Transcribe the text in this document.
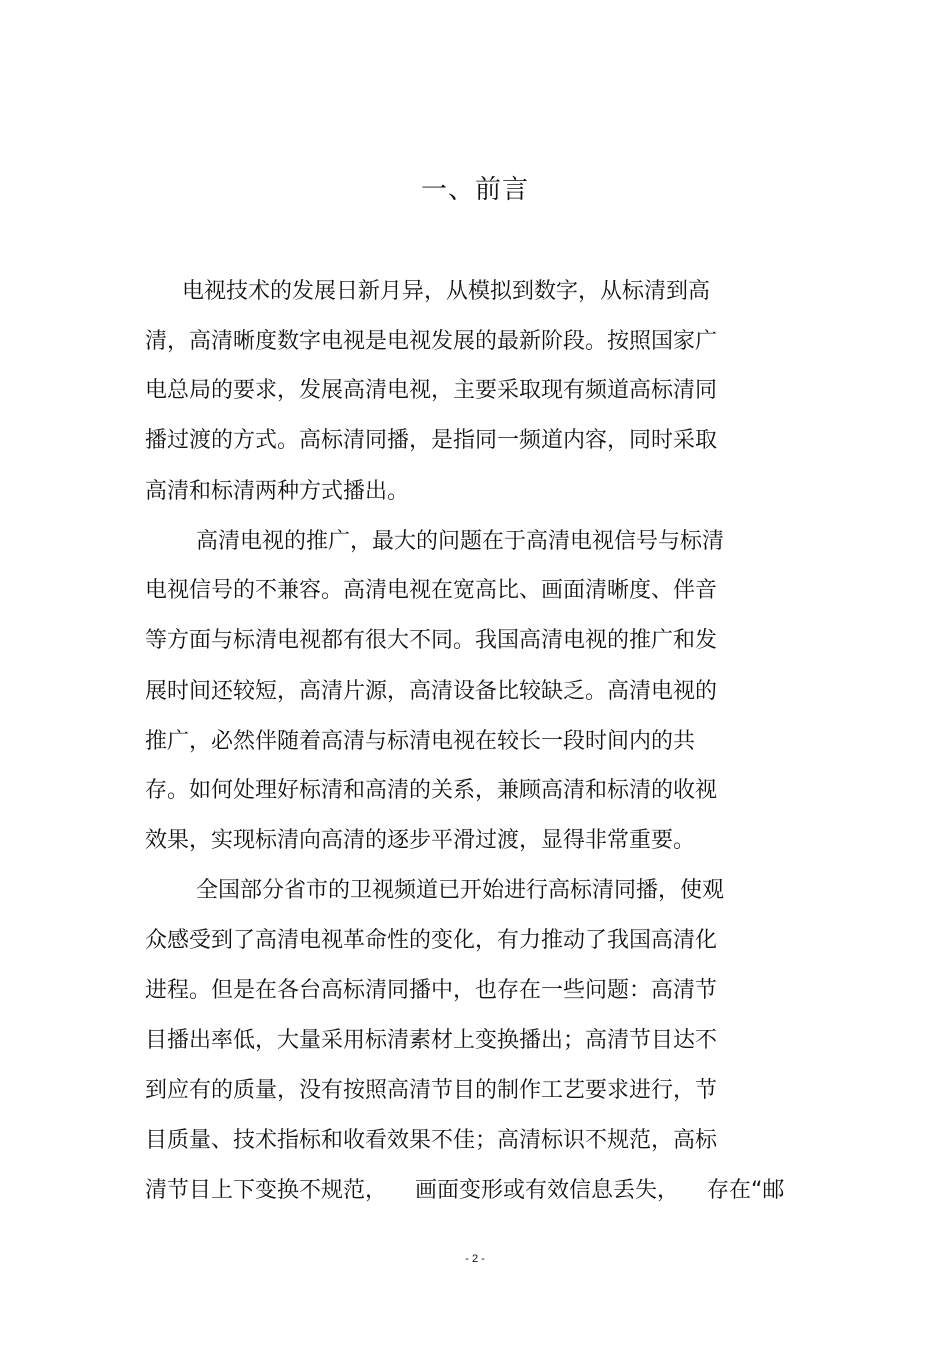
一、前言
电视技术的发展日新月异，从模拟到数字，从标清到高
清，高清晰度数字电视是电视发展的最新阶段。按照国家广
电总局的要求，发展高清电视，主要采取现有频道高标清同
播过渡的方式。高标清同播，是指同一频道内容，同时采取
高清和标清两种方式播出。
高清电视的推广，最大的问题在于高清电视信号与标清
电视信号的不兼容。高清电视在宽高比、画面清晰度、伴音
等方面与标清电视都有很大不同。我国高清电视的推广和发
展时间还较短，高清片源，高清设备比较缺乏。高清电视的
推广，必然伴随着高清与标清电视在较长一段时间内的共
存。如何处理好标清和高清的关系，兼顾高清和标清的收视
效果，实现标清向高清的逐步平滑过渡，显得非常重要。
全国部分省市的卫视频道已开始进行高标清同播，使观
众感受到了高清电视革命性的变化，有力推动了我国高清化
进程。但是在各台高标清同播中，也存在一些问题：高清节
目播出率低，大量采用标清素材上变换播出；高清节目达不
到应有的质量，没有按照高清节目的制作工艺要求进行，节
目质量、技术指标和收看效果不佳；高清标识不规范，高标
清节目上下变换不规范，    画面变形或有效信息丢失，    存在“邮
- 2 -
